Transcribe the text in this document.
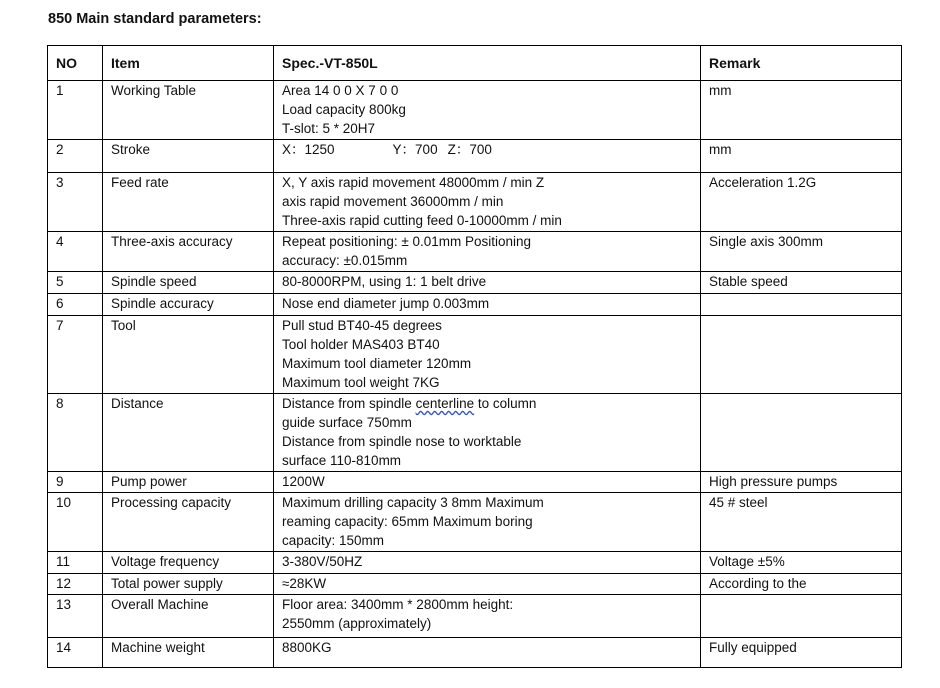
850 Main standard parameters:
NO	Item	Spec.-VT-850L	Remark
1	Working Table	Area 14 0 0 X 7 0 0
Load capacity 800kg
T-slot: 5 * 20H7	mm
2	Stroke	X：1250 Y：700 Z：700	mm
3	Feed rate	X, Y axis rapid movement 48000mm / min Z
axis rapid movement 36000mm / min
Three-axis rapid cutting feed 0-10000mm / min	Acceleration 1.2G
4	Three-axis accuracy	Repeat positioning: ± 0.01mm Positioning
accuracy: ±0.015mm	Single axis 300mm
5	Spindle speed	80-8000RPM, using 1: 1 belt drive	Stable speed
6	Spindle accuracy	Nose end diameter jump 0.003mm	

7	Tool	Pull stud BT40-45 degrees
Tool holder MAS403 BT40
Maximum tool diameter 120mm
Maximum tool weight 7KG	

8	Distance	Distance from spindle centerline to column
guide surface 750mm
Distance from spindle nose to worktable
surface 110-810mm	

9	Pump power	1200W	High pressure pumps
10	Processing capacity	Maximum drilling capacity 3 8mm Maximum
reaming capacity: 65mm Maximum boring
capacity: 150mm	45 # steel
11	Voltage frequency	3-380V/50HZ	Voltage ±5%
12	Total power supply	≈28KW	According to the
13	Overall Machine	Floor area: 3400mm * 2800mm height:
2550mm (approximately)	

14	Machine weight	8800KG	Fully equipped
